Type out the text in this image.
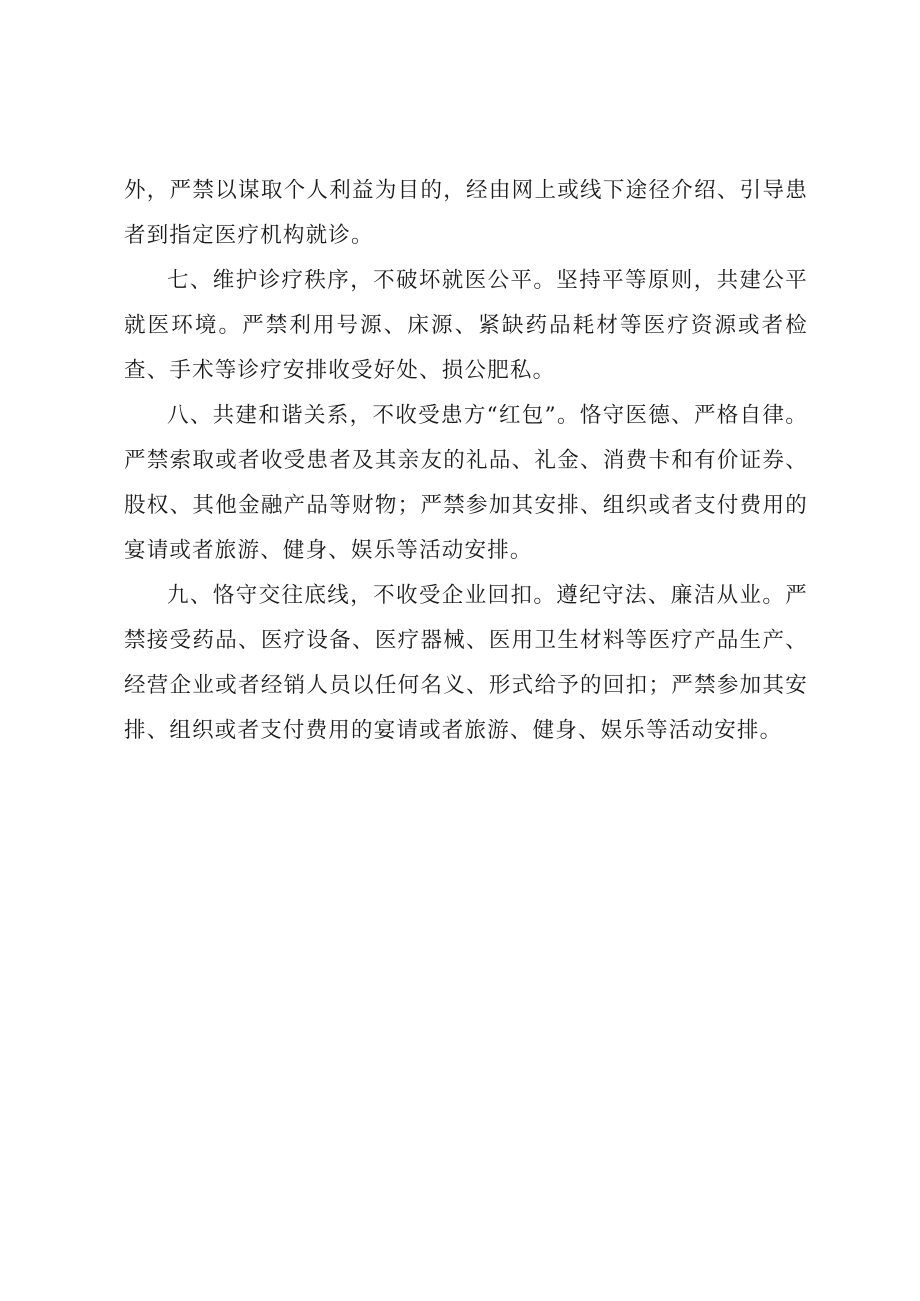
外，严禁以谋取个人利益为目的，经由网上或线下途径介绍、引导患者到指定医疗机构就诊。

七、维护诊疗秩序，不破坏就医公平。坚持平等原则，共建公平就医环境。严禁利用号源、床源、紧缺药品耗材等医疗资源或者检查、手术等诊疗安排收受好处、损公肥私。

八、共建和谐关系，不收受患方“红包”。恪守医德、严格自律。严禁索取或者收受患者及其亲友的礼品、礼金、消费卡和有价证券、股权、其他金融产品等财物；严禁参加其安排、组织或者支付费用的宴请或者旅游、健身、娱乐等活动安排。

九、恪守交往底线，不收受企业回扣。遵纪守法、廉洁从业。严禁接受药品、医疗设备、医疗器械、医用卫生材料等医疗产品生产、经营企业或者经销人员以任何名义、形式给予的回扣；严禁参加其安排、组织或者支付费用的宴请或者旅游、健身、娱乐等活动安排。
